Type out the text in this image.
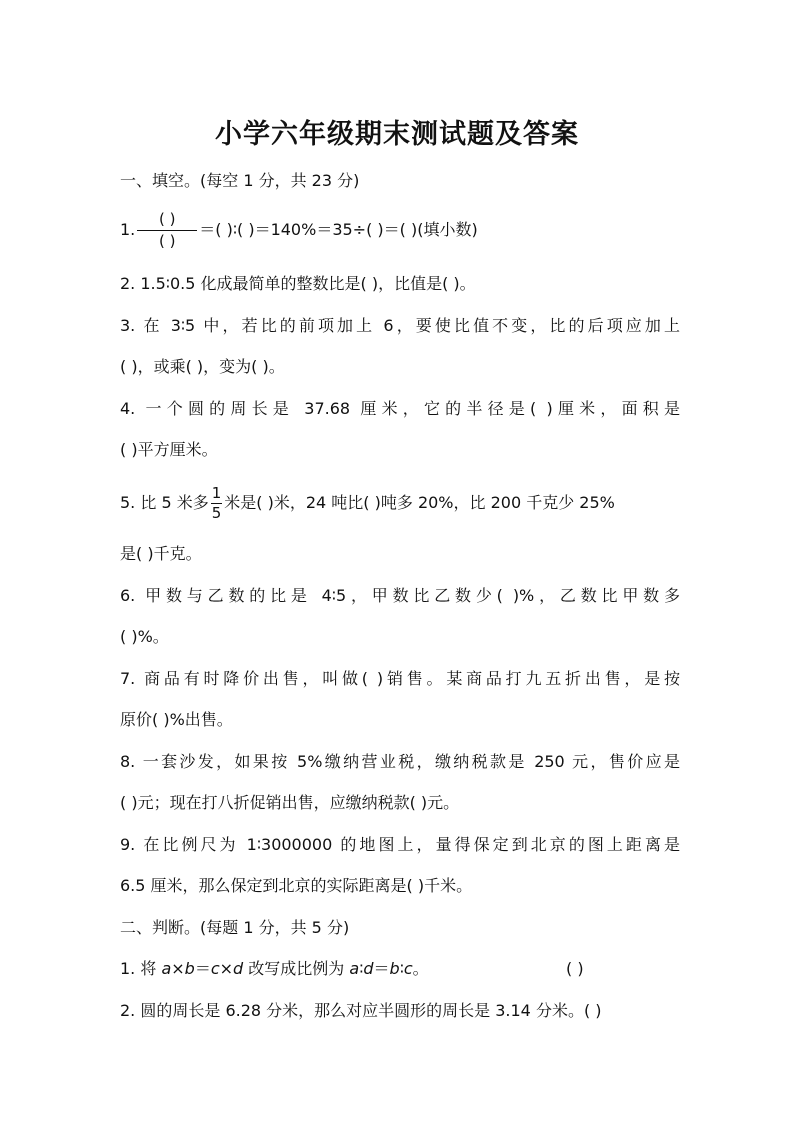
小学六年级期末测试题及答案
一、填空。(每空 1 分，共 23 分)
1. $\frac{( )}{( )}$ ＝( )∶( )＝140%＝35÷( )＝( )(填小数)
2. 1.5∶0.5 化成最简单的整数比是( )，比值是( )。
3. 在 3∶5 中，若比的前项加上 6，要使比值不变，比的后项应加上
( )，或乘( )，变为( )。
4. 一个圆的周长是 37.68 厘米，它的半径是( )厘米，面积是
( )平方厘米。
5. 比 5 米多 $\frac{1}{5}$ 米是( )米，24 吨比( )吨多 20%，比 200 千克少 25%
是( )千克。
6. 甲数与乙数的比是 4∶5，甲数比乙数少( )%，乙数比甲数多
( )%。
7. 商品有时降价出售，叫做( )销售。某商品打九五折出售，是按
原价( )%出售。
8. 一套沙发，如果按 5%缴纳营业税，缴纳税款是 250 元，售价应是
( )元；现在打八折促销出售，应缴纳税款( )元。
9. 在比例尺为 1∶3000000 的地图上，量得保定到北京的图上距离是
6.5 厘米，那么保定到北京的实际距离是( )千米。
二、判断。(每题 1 分，共 5 分)
1. 将 a×b＝c×d 改写成比例为 a∶d＝b∶c。	( )
2. 圆的周长是 6.28 分米，那么对应半圆形的周长是 3.14 分米。( )
